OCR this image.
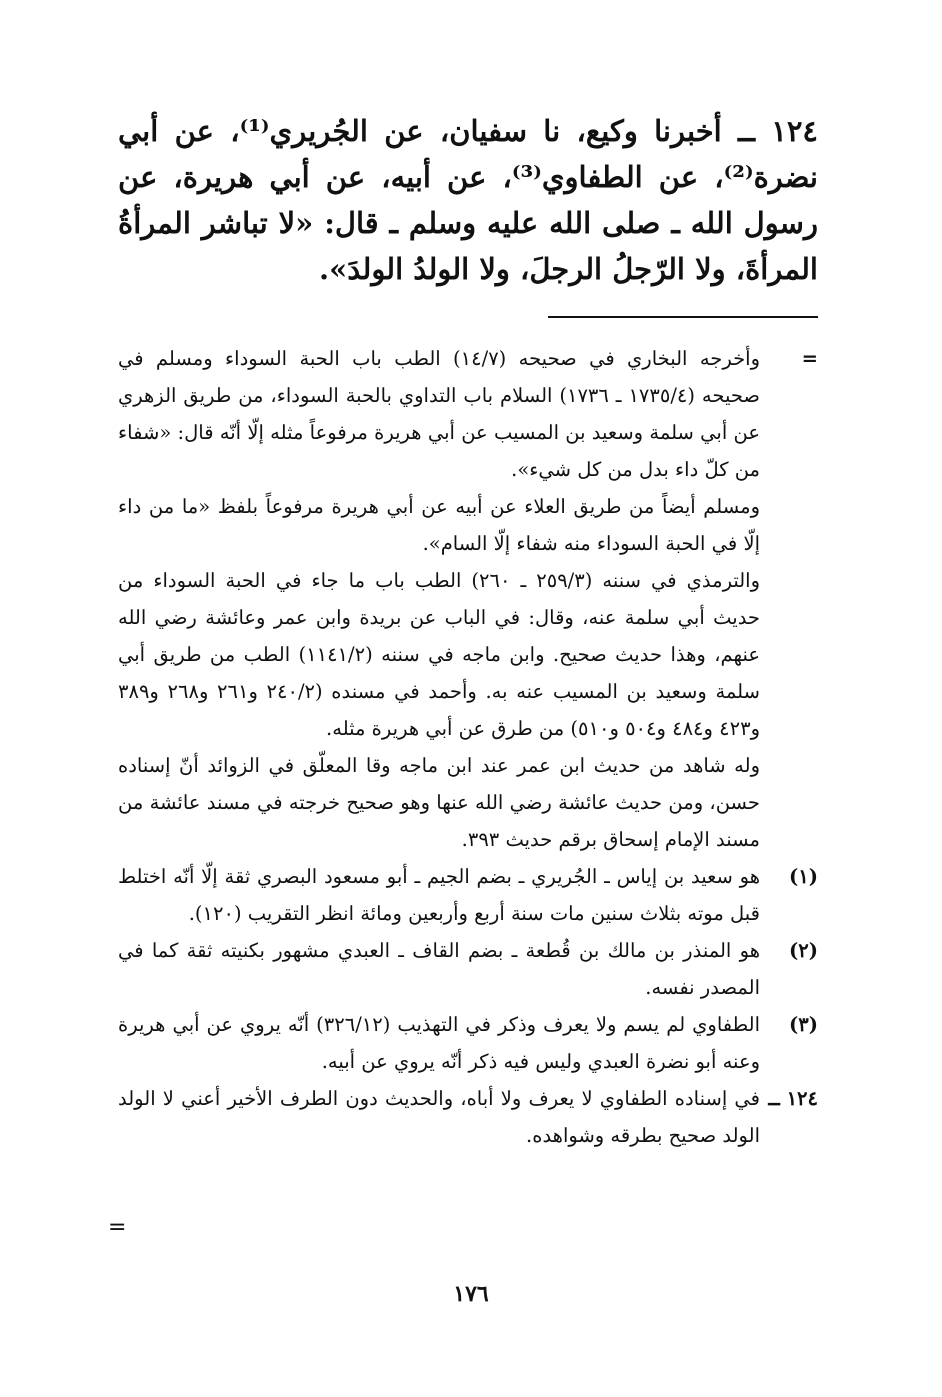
١٢٤ ــ أخبرنا وكيع، نا سفيان، عن الجُريري⁽¹⁾، عن أبي نضرة⁽²⁾، عن الطفاوي⁽³⁾، عن أبيه، عن أبي هريرة، عن رسول الله ـ صلى الله عليه وسلم ـ قال: «لا تباشر المرأةُ المرأةَ، ولا الرّجلُ الرجلَ، ولا الولدُ الولدَ».

=
وأخرجه البخاري في صحيحه (١٤/٧) الطب باب الحبة السوداء ومسلم في صحيحه (١٧٣٥/٤ ـ ١٧٣٦) السلام باب التداوي بالحبة السوداء، من طريق الزهري عن أبي سلمة وسعيد بن المسيب عن أبي هريرة مرفوعاً مثله إلّا أنّه قال: «شفاء من كلّ داء بدل من كل شيء».

ومسلم أيضاً من طريق العلاء عن أبيه عن أبي هريرة مرفوعاً بلفظ «ما من داء إلّا في الحبة السوداء منه شفاء إلّا السام».

والترمذي في سننه (٢٥٩/٣ ـ ٢٦٠) الطب باب ما جاء في الحبة السوداء من حديث أبي سلمة عنه، وقال: في الباب عن بريدة وابن عمر وعائشة رضي الله عنهم، وهذا حديث صحيح. وابن ماجه في سننه (١١٤١/٢) الطب من طريق أبي سلمة وسعيد بن المسيب عنه به. وأحمد في مسنده (٢٤٠/٢ و٢٦١ و٢٦٨ و٣٨٩ و٤٢٣ و٤٨٤ و٥٠٤ و٥١٠) من طرق عن أبي هريرة مثله.

وله شاهد من حديث ابن عمر عند ابن ماجه وقا المعلّق في الزوائد أنّ إسناده حسن، ومن حديث عائشة رضي الله عنها وهو صحيح خرجته في مسند عائشة من مسند الإمام إسحاق برقم حديث ٣٩٣.

(١)
هو سعيد بن إياس ـ الجُريري ـ بضم الجيم ـ أبو مسعود البصري ثقة إلّا أنّه اختلط قبل موته بثلاث سنين مات سنة أربع وأربعين ومائة انظر التقريب (١٢٠).

(٢)
هو المنذر بن مالك بن قُطعة ـ بضم القاف ـ العبدي مشهور بكنيته ثقة كما في المصدر نفسه.

(٣)
الطفاوي لم يسم ولا يعرف وذكر في التهذيب (٣٢٦/١٢) أنّه يروي عن أبي هريرة وعنه أبو نضرة العبدي وليس فيه ذكر أنّه يروي عن أبيه.

١٢٤ ــ
في إسناده الطفاوي لا يعرف ولا أباه، والحديث دون الطرف الأخير أعني لا الولد الولد صحيح بطرقه وشواهده.

=
١٧٦
